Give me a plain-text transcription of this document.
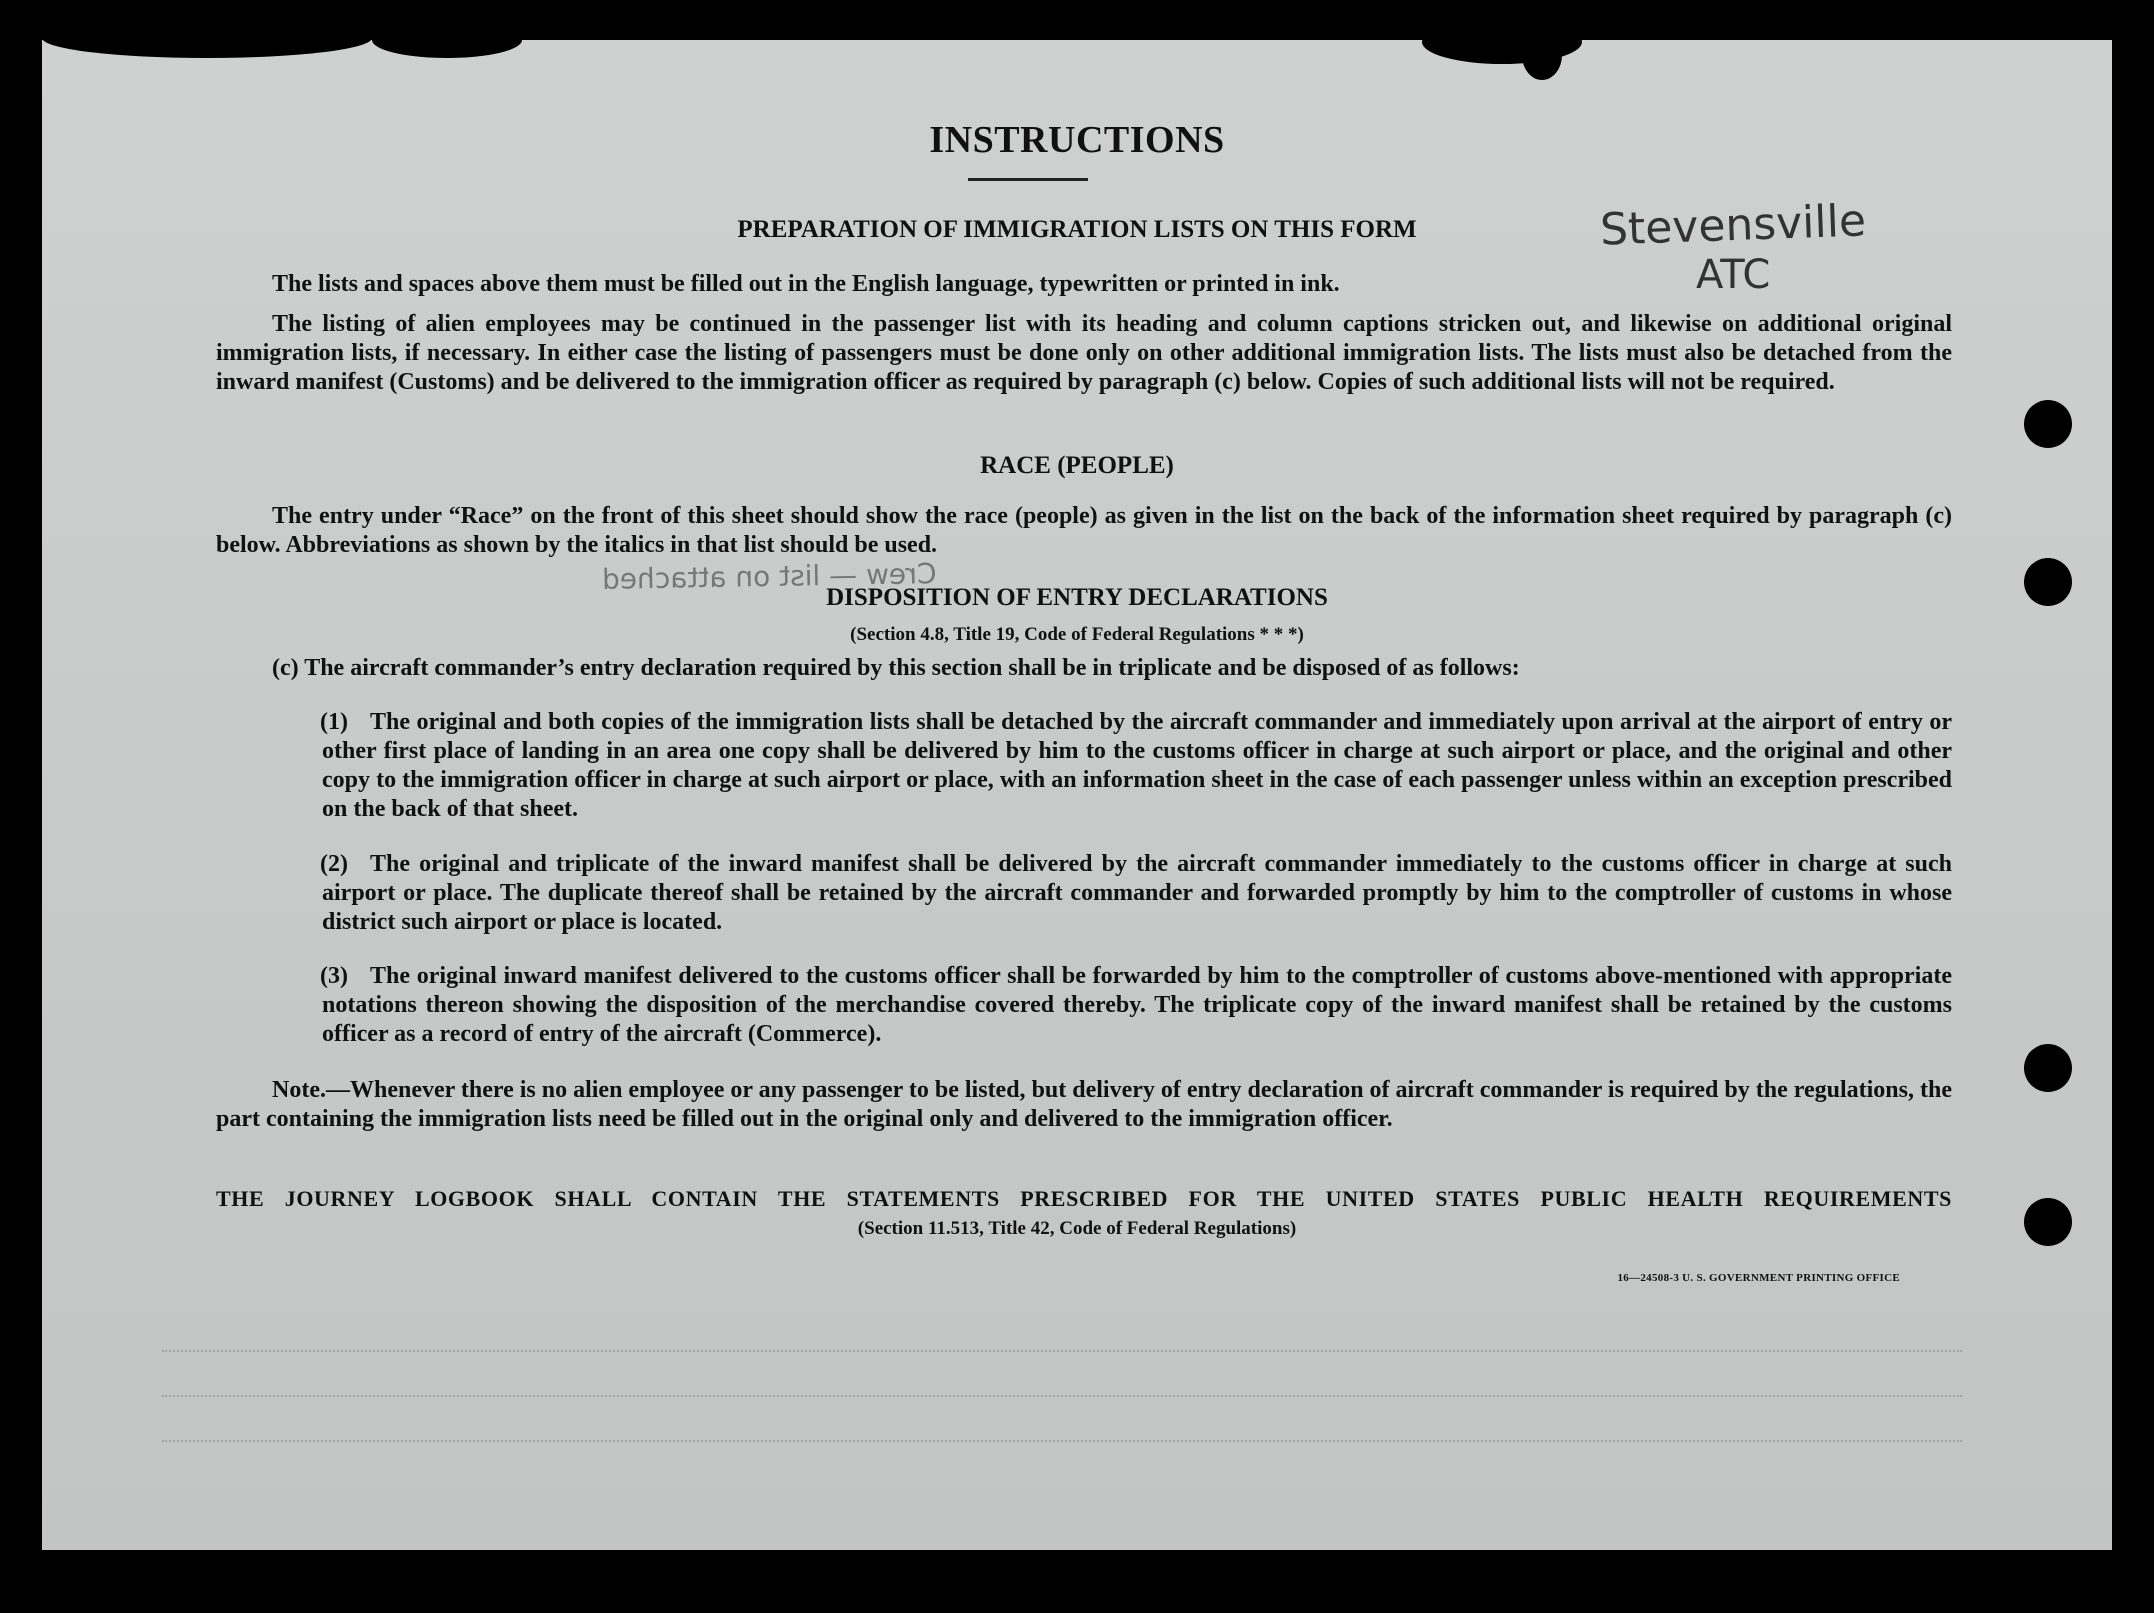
INSTRUCTIONS
PREPARATION OF IMMIGRATION LISTS ON THIS FORM
The lists and spaces above them must be filled out in the English language, typewritten or printed in ink.
The listing of alien employees may be continued in the passenger list with its heading and column captions stricken out, and likewise on additional original immigration lists, if necessary. In either case the listing of passengers must be done only on other additional immigration lists. The lists must also be detached from the inward manifest (Customs) and be delivered to the immigration officer as required by paragraph (c) below. Copies of such additional lists will not be required.
RACE (PEOPLE)
The entry under “Race” on the front of this sheet should show the race (people) as given in the list on the back of the information sheet required by paragraph (c) below. Abbreviations as shown by the italics in that list should be used.
DISPOSITION OF ENTRY DECLARATIONS
(Section 4.8, Title 19, Code of Federal Regulations * * *)
(c) The aircraft commander’s entry declaration required by this section shall be in triplicate and be disposed of as follows:
(1) The original and both copies of the immigration lists shall be detached by the aircraft commander and immediately upon arrival at the airport of entry or other first place of landing in an area one copy shall be delivered by him to the customs officer in charge at such airport or place, and the original and other copy to the immigration officer in charge at such airport or place, with an information sheet in the case of each passenger unless within an exception prescribed on the back of that sheet.
(2) The original and triplicate of the inward manifest shall be delivered by the aircraft commander immediately to the customs officer in charge at such airport or place. The duplicate thereof shall be retained by the aircraft commander and forwarded promptly by him to the comptroller of customs in whose district such airport or place is located.
(3) The original inward manifest delivered to the customs officer shall be forwarded by him to the comptroller of customs above-mentioned with appropriate notations thereon showing the disposition of the merchandise covered thereby. The triplicate copy of the inward manifest shall be retained by the customs officer as a record of entry of the aircraft (Commerce).
Note.—Whenever there is no alien employee or any passenger to be listed, but delivery of entry declaration of aircraft commander is required by the regulations, the part containing the immigration lists need be filled out in the original only and delivered to the immigration officer.
THE JOURNEY LOGBOOK SHALL CONTAIN THE STATEMENTS PRESCRIBED FOR THE UNITED STATES PUBLIC HEALTH REQUIREMENTS
(Section 11.513, Title 42, Code of Federal Regulations)
16—24508-3 U. S. GOVERNMENT PRINTING OFFICE
Stevensville
ATC
Crew — list on attached
